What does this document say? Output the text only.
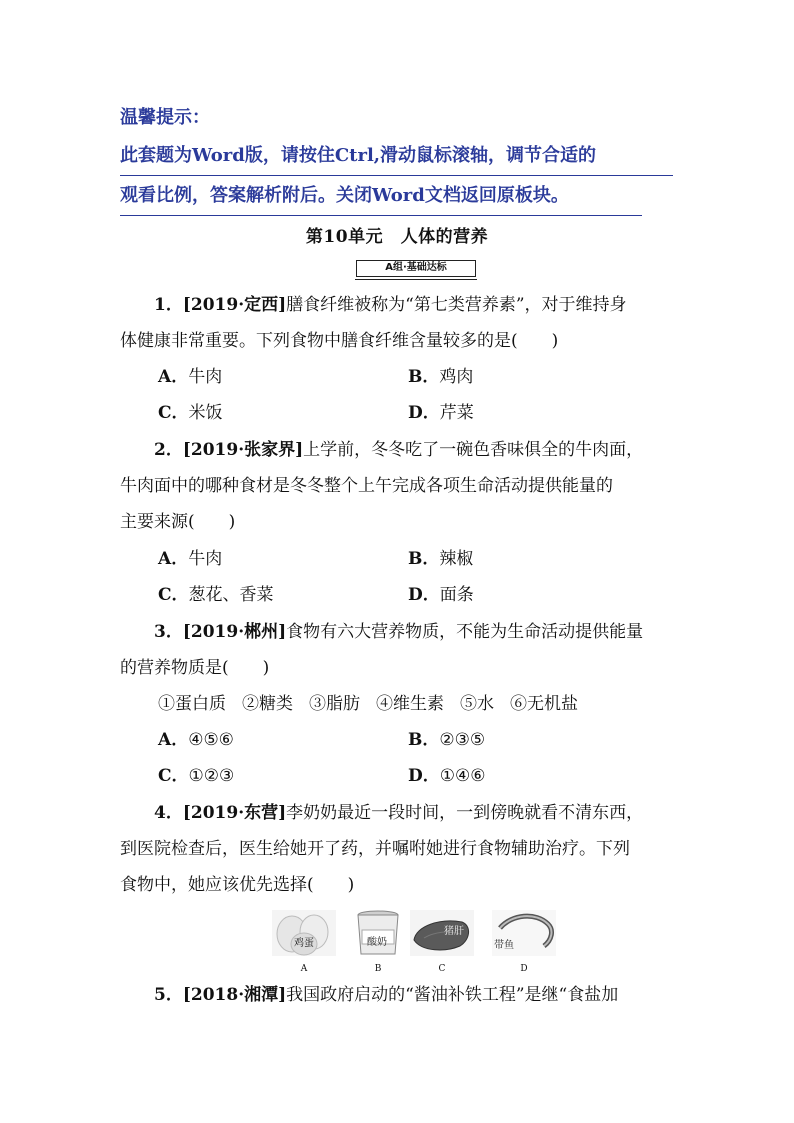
温馨提示：
此套题为Word版，请按住Ctrl,滑动鼠标滚轴，调节合适的
观看比例，答案解析附后。关闭Word文档返回原板块。
第10单元　人体的营养
A组·基础达标
1．[2019·定西]膳食纤维被称为“第七类营养素”，对于维持身
体健康非常重要。下列食物中膳食纤维含量较多的是(　　)
A．牛肉	B．鸡肉
C．米饭	D．芹菜
2．[2019·张家界]上学前，冬冬吃了一碗色香味俱全的牛肉面，
牛肉面中的哪种食材是冬冬整个上午完成各项生命活动提供能量的
主要来源(　　)
A．牛肉	B．辣椒
C．葱花、香菜	D．面条
3．[2019·郴州]食物有六大营养物质，不能为生命活动提供能量
的营养物质是(　　)
①蛋白质 ②糖类 ③脂肪 ④维生素 ⑤水 ⑥无机盐
A．④⑤⑥	B．②③⑤
C．①②③	D．①④⑥
4．[2019·东营]李奶奶最近一段时间，一到傍晚就看不清东西，
到医院检查后，医生给她开了药，并嘱咐她进行食物辅助治疗。下列
食物中，她应该优先选择(　　)
鸡蛋
A
酸奶
B
猪肝
C
带鱼
D
5．[2018·湘潭]我国政府启动的“酱油补铁工程”是继“食盐加
